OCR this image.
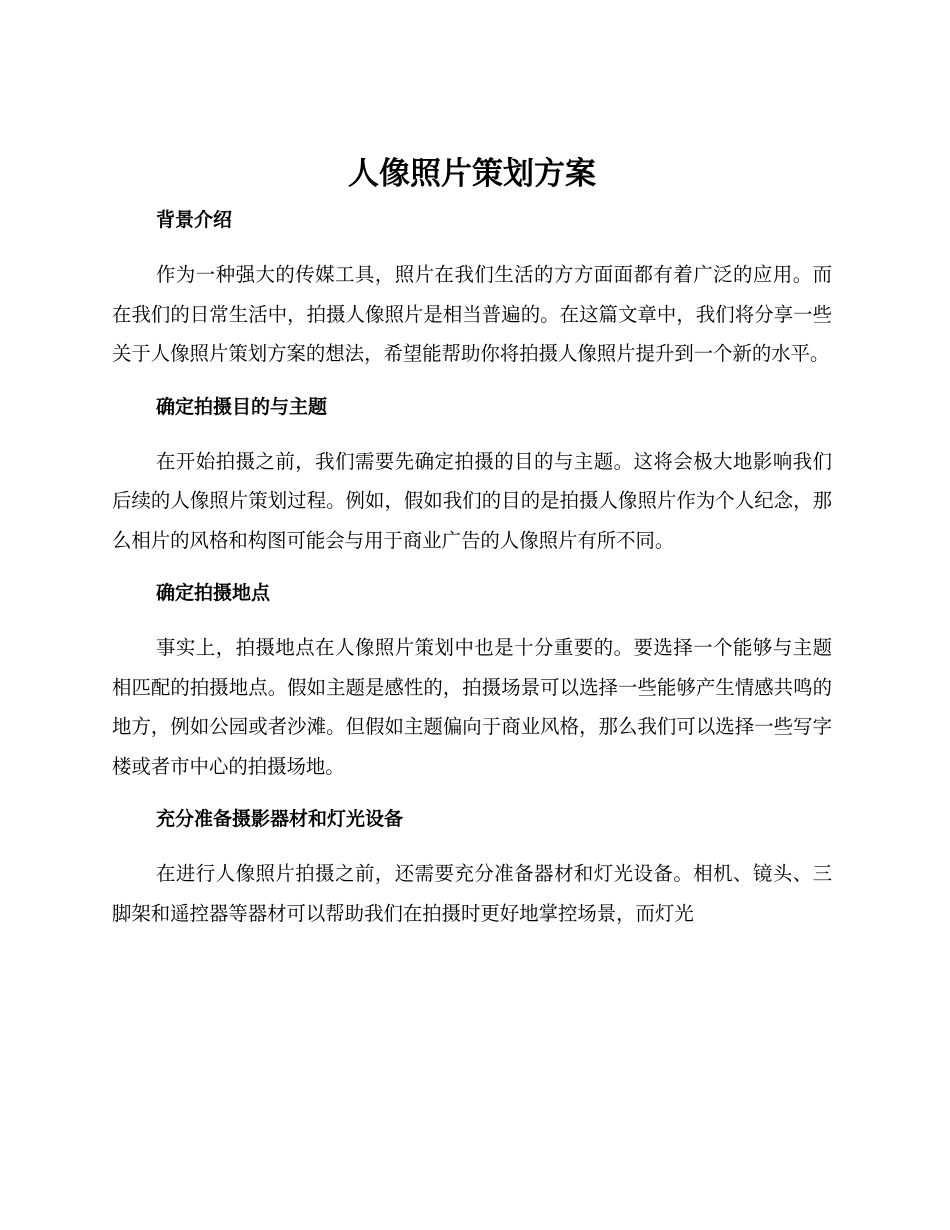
人像照片策划方案
背景介绍

作为一种强大的传媒工具，照片在我们生活的方方面面都有着广泛的应用。而在我们的日常生活中，拍摄人像照片是相当普遍的。在这篇文章中，我们将分享一些关于人像照片策划方案的想法，希望能帮助你将拍摄人像照片提升到一个新的水平。

确定拍摄目的与主题

在开始拍摄之前，我们需要先确定拍摄的目的与主题。这将会极大地影响我们后续的人像照片策划过程。例如，假如我们的目的是拍摄人像照片作为个人纪念，那么相片的风格和构图可能会与用于商业广告的人像照片有所不同。

确定拍摄地点

事实上，拍摄地点在人像照片策划中也是十分重要的。要选择一个能够与主题相匹配的拍摄地点。假如主题是感性的，拍摄场景可以选择一些能够产生情感共鸣的地方，例如公园或者沙滩。但假如主题偏向于商业风格，那么我们可以选择一些写字楼或者市中心的拍摄场地。

充分准备摄影器材和灯光设备

在进行人像照片拍摄之前，还需要充分准备器材和灯光设备。相机、镜头、三脚架和遥控器等器材可以帮助我们在拍摄时更好地掌控场景，而灯光
